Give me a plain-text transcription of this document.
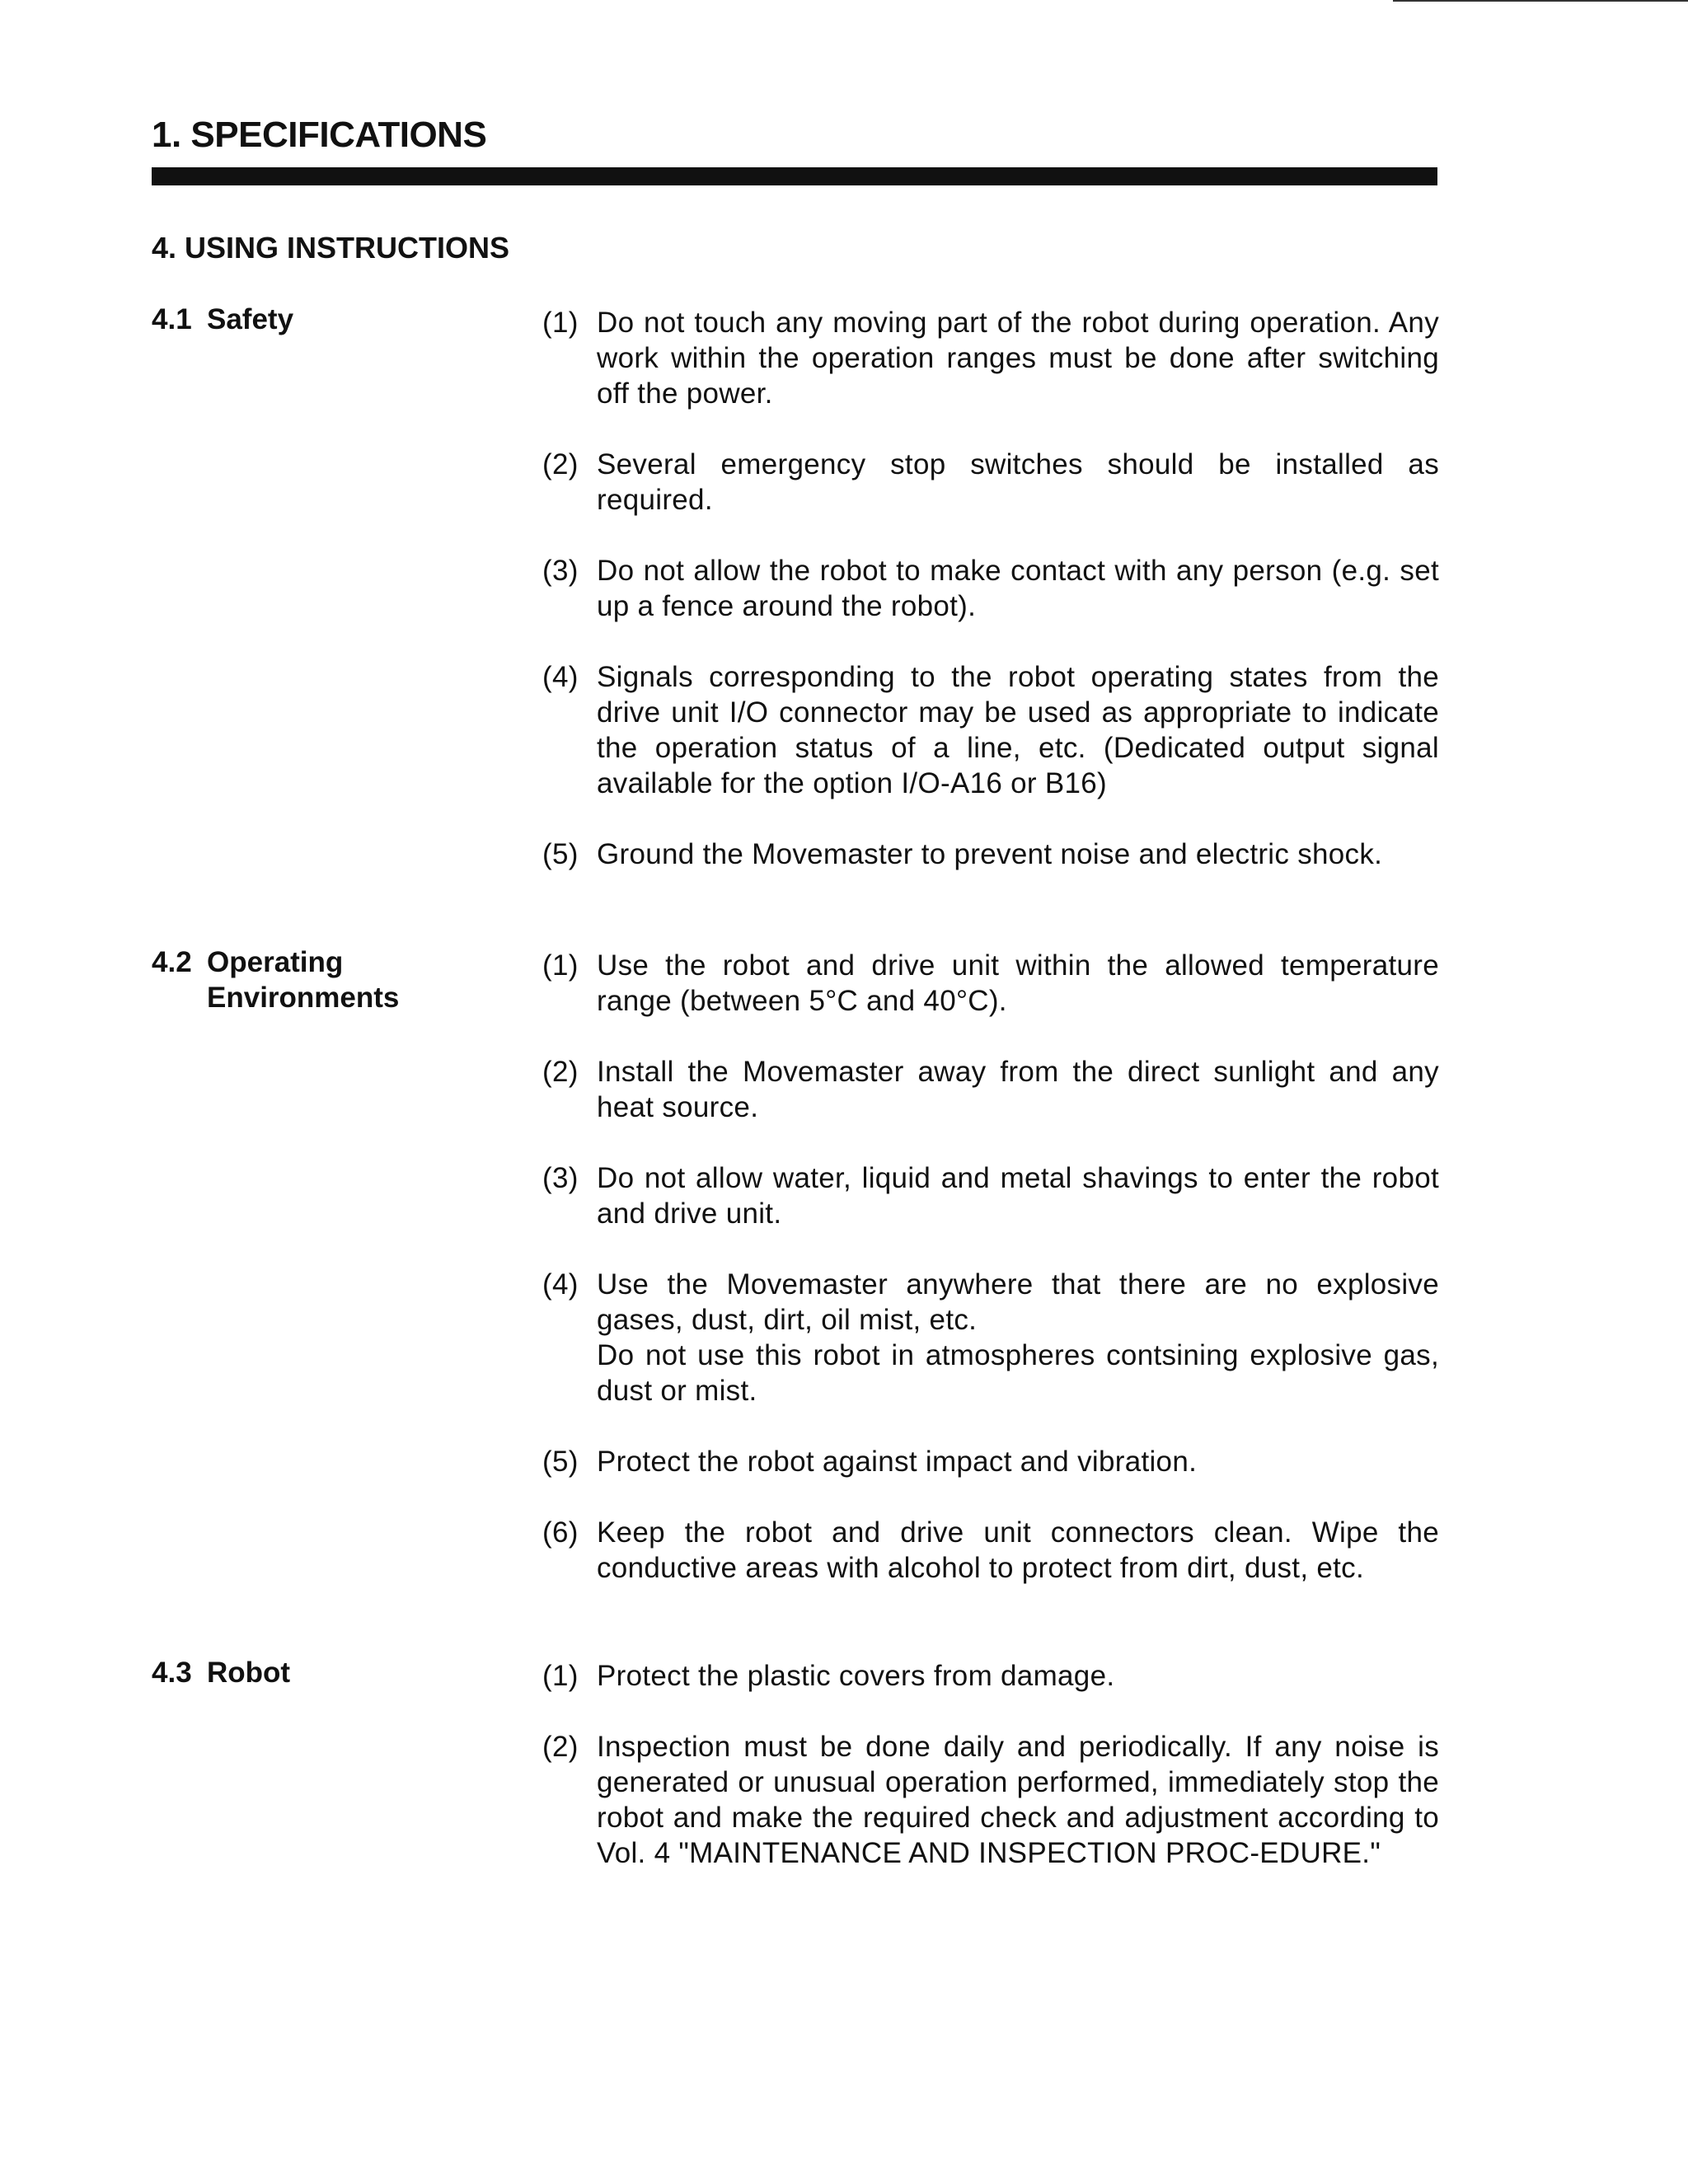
1. SPECIFICATIONS
4. USING INSTRUCTIONS
4.1 Safety	(1) Do not touch any moving part of the robot during operation. Any work within the operation ranges must be done after switching off the power.

(2) Several emergency stop switches should be installed as required.

(3) Do not allow the robot to make contact with any person (e.g. set up a fence around the robot).

(4) Signals corresponding to the robot operating states from the drive unit I/O connector may be used as appropriate to indicate the operation status of a line, etc. (Dedicated output signal available for the option I/O-A16 or B16)

(5) Ground the Movemaster to prevent noise and electric shock.

4.2 Operating
Environments
(1) Use the robot and drive unit within the allowed temperature range (between 5°C and 40°C).

(2) Install the Movemaster away from the direct sunlight and any heat source.

(3) Do not allow water, liquid and metal shavings to enter the robot and drive unit.

(4) Use the Movemaster anywhere that there are no explosive gases, dust, dirt, oil mist, etc.

Do not use this robot in atmospheres contsining explosive gas, dust or mist.

(5) Protect the robot against impact and vibration.

(6) Keep the robot and drive unit connectors clean. Wipe the conductive areas with alcohol to protect from dirt, dust, etc.

4.3 Robot	(1) Protect the plastic covers from damage.

(2) Inspection must be done daily and periodically. If any noise is generated or unusual operation performed, immediately stop the robot and make the required check and adjustment according to Vol. 4 "MAINTENANCE AND INSPECTION PROC-EDURE."
